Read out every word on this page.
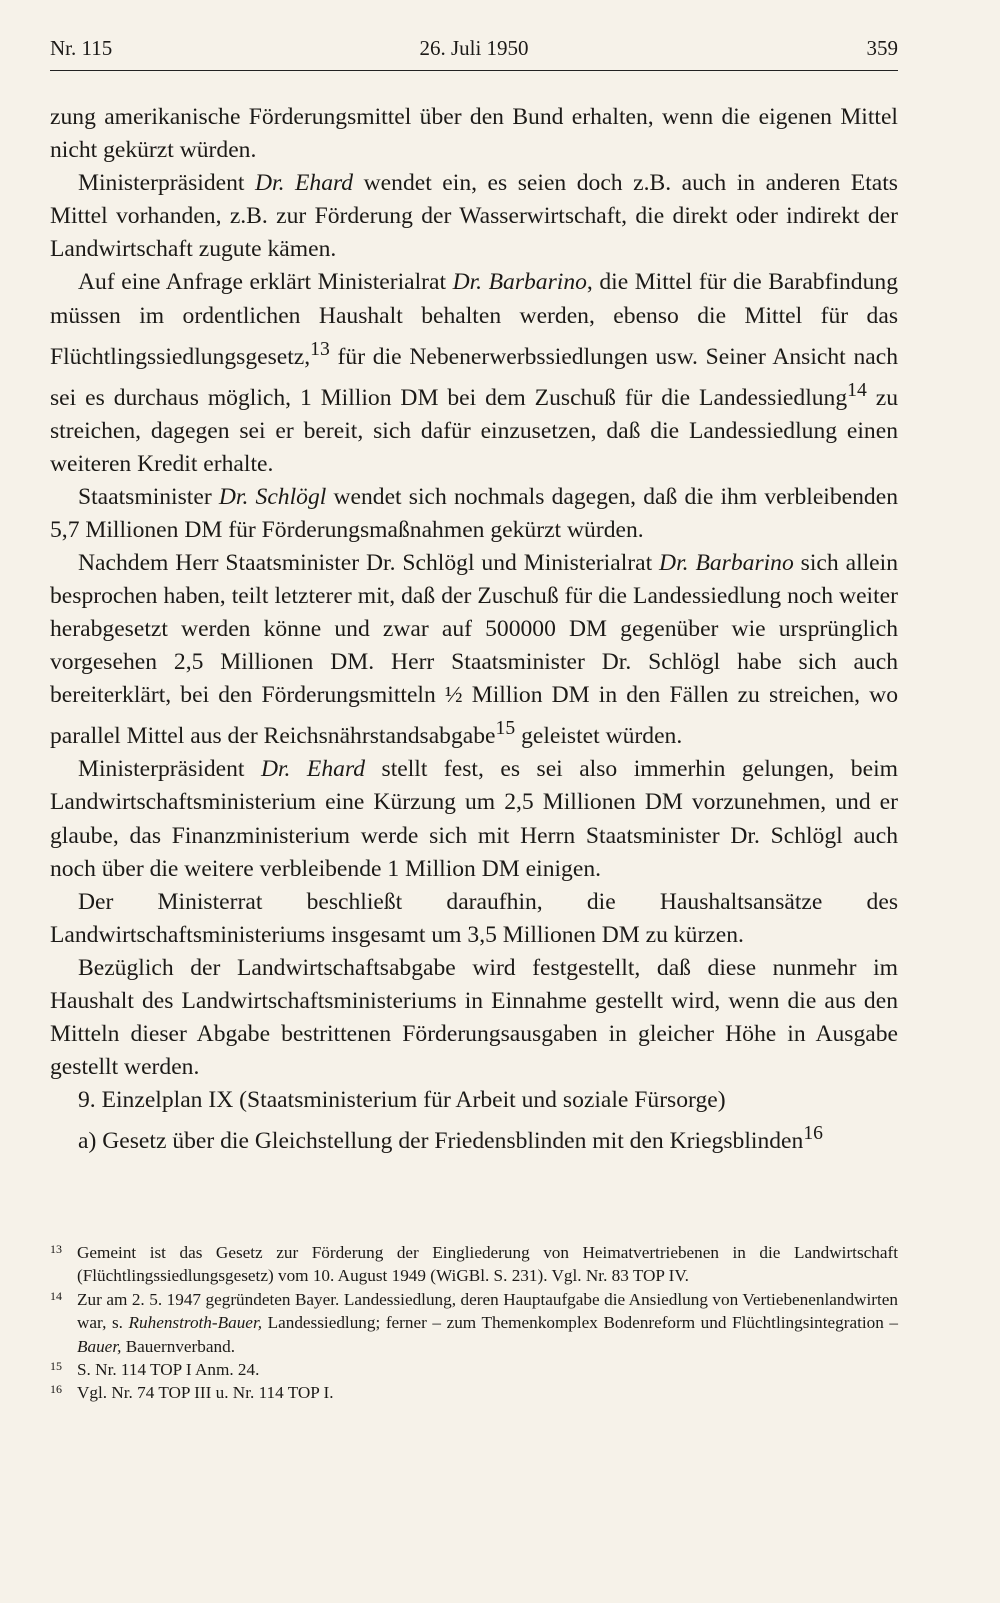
Nr. 115	26. Juli 1950	359

zung amerikanische Förderungsmittel über den Bund erhalten, wenn die eigenen Mittel nicht gekürzt würden.

Ministerpräsident Dr. Ehard wendet ein, es seien doch z.B. auch in anderen Etats Mittel vorhanden, z.B. zur Förderung der Wasserwirtschaft, die direkt oder indirekt der Landwirtschaft zugute kämen.

Auf eine Anfrage erklärt Ministerialrat Dr. Barbarino, die Mittel für die Barabfindung müssen im ordentlichen Haushalt behalten werden, ebenso die Mittel für das Flüchtlingssiedlungsgesetz,$^{13}$ für die Nebenerwerbssiedlungen usw. Seiner Ansicht nach sei es durchaus möglich, 1 Million DM bei dem Zuschuß für die Landessiedlung$^{14}$ zu streichen, dagegen sei er bereit, sich dafür einzusetzen, daß die Landessiedlung einen weiteren Kredit erhalte.

Staatsminister Dr. Schlögl wendet sich nochmals dagegen, daß die ihm verbleibenden 5,7 Millionen DM für Förderungsmaßnahmen gekürzt würden.

Nachdem Herr Staatsminister Dr. Schlögl und Ministerialrat Dr. Barbarino sich allein besprochen haben, teilt letzterer mit, daß der Zuschuß für die Landessiedlung noch weiter herabgesetzt werden könne und zwar auf 500000 DM gegenüber wie ursprünglich vorgesehen 2,5 Millionen DM. Herr Staatsminister Dr. Schlögl habe sich auch bereiterklärt, bei den Förderungsmitteln ½ Million DM in den Fällen zu streichen, wo parallel Mittel aus der Reichsnährstandsabgabe$^{15}$ geleistet würden.

Ministerpräsident Dr. Ehard stellt fest, es sei also immerhin gelungen, beim Landwirtschaftsministerium eine Kürzung um 2,5 Millionen DM vorzunehmen, und er glaube, das Finanzministerium werde sich mit Herrn Staatsminister Dr. Schlögl auch noch über die weitere verbleibende 1 Million DM einigen.

Der Ministerrat beschließt daraufhin, die Haushaltsansätze des Landwirtschaftsministeriums insgesamt um 3,5 Millionen DM zu kürzen.

Bezüglich der Landwirtschaftsabgabe wird festgestellt, daß diese nunmehr im Haushalt des Landwirtschaftsministeriums in Einnahme gestellt wird, wenn die aus den Mitteln dieser Abgabe bestrittenen Förderungsausgaben in gleicher Höhe in Ausgabe gestellt werden.

9. Einzelplan IX (Staatsministerium für Arbeit und soziale Fürsorge)

a) Gesetz über die Gleichstellung der Friedensblinden mit den Kriegsblinden$^{16}$

13 Gemeint ist das Gesetz zur Förderung der Eingliederung von Heimatvertriebenen in die Landwirtschaft (Flüchtlingssiedlungsgesetz) vom 10. August 1949 (WiGBl. S. 231). Vgl. Nr. 83 TOP IV.
14 Zur am 2. 5. 1947 gegründeten Bayer. Landessiedlung, deren Hauptaufgabe die Ansiedlung von Vertiebenenlandwirten war, s. Ruhenstroth-Bauer, Landessiedlung; ferner – zum Themenkomplex Bodenreform und Flüchtlingsintegration – Bauer, Bauernverband.
15 S. Nr. 114 TOP I Anm. 24.
16 Vgl. Nr. 74 TOP III u. Nr. 114 TOP I.
